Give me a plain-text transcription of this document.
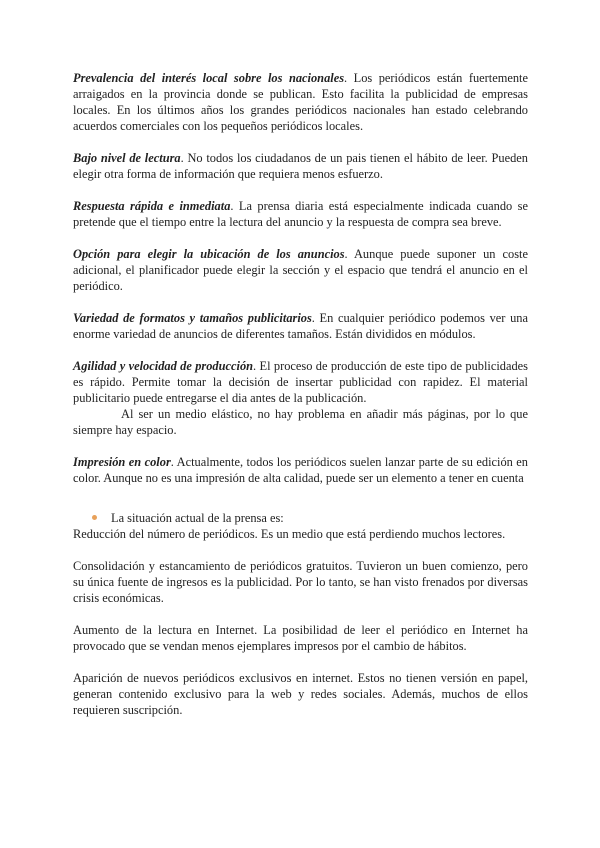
Prevalencia del interés local sobre los nacionales. Los periódicos están fuertemente arraigados en la provincia donde se publican. Esto facilita la publicidad de empresas locales. En los últimos años los grandes periódicos nacionales han estado celebrando acuerdos comerciales con los pequeños periódicos locales.

Bajo nivel de lectura. No todos los ciudadanos de un pais tienen el hábito de leer. Pueden elegir otra forma de información que requiera menos esfuerzo.

Respuesta rápida e inmediata. La prensa diaria está especialmente indicada cuando se pretende que el tiempo entre la lectura del anuncio y la respuesta de compra sea breve.

Opción para elegir la ubicación de los anuncios. Aunque puede suponer un coste adicional, el planificador puede elegir la sección y el espacio que tendrá el anuncio en el periódico.

Variedad de formatos y tamaños publicitarios. En cualquier periódico podemos ver una enorme variedad de anuncios de diferentes tamaños. Están divididos en módulos.

Agilidad y velocidad de producción. El proceso de producción de este tipo de publicidades es rápido. Permite tomar la decisión de insertar publicidad con rapidez. El material publicitario puede entregarse el dia antes de la publicación.

Al ser un medio elástico, no hay problema en añadir más páginas, por lo que siempre hay espacio.

Impresión en color. Actualmente, todos los periódicos suelen lanzar parte de su edición en color. Aunque no es una impresión de alta calidad, puede ser un elemento a tener en cuenta

La situación actual de la prensa es:

Reducción del número de periódicos. Es un medio que está perdiendo muchos lectores.

Consolidación y estancamiento de periódicos gratuitos. Tuvieron un buen comienzo, pero su única fuente de ingresos es la publicidad. Por lo tanto, se han visto frenados por diversas crisis económicas.

Aumento de la lectura en Internet. La posibilidad de leer el periódico en Internet ha provocado que se vendan menos ejemplares impresos por el cambio de hábitos.

Aparición de nuevos periódicos exclusivos en internet. Estos no tienen versión en papel, generan contenido exclusivo para la web y redes sociales. Además, muchos de ellos requieren suscripción.
